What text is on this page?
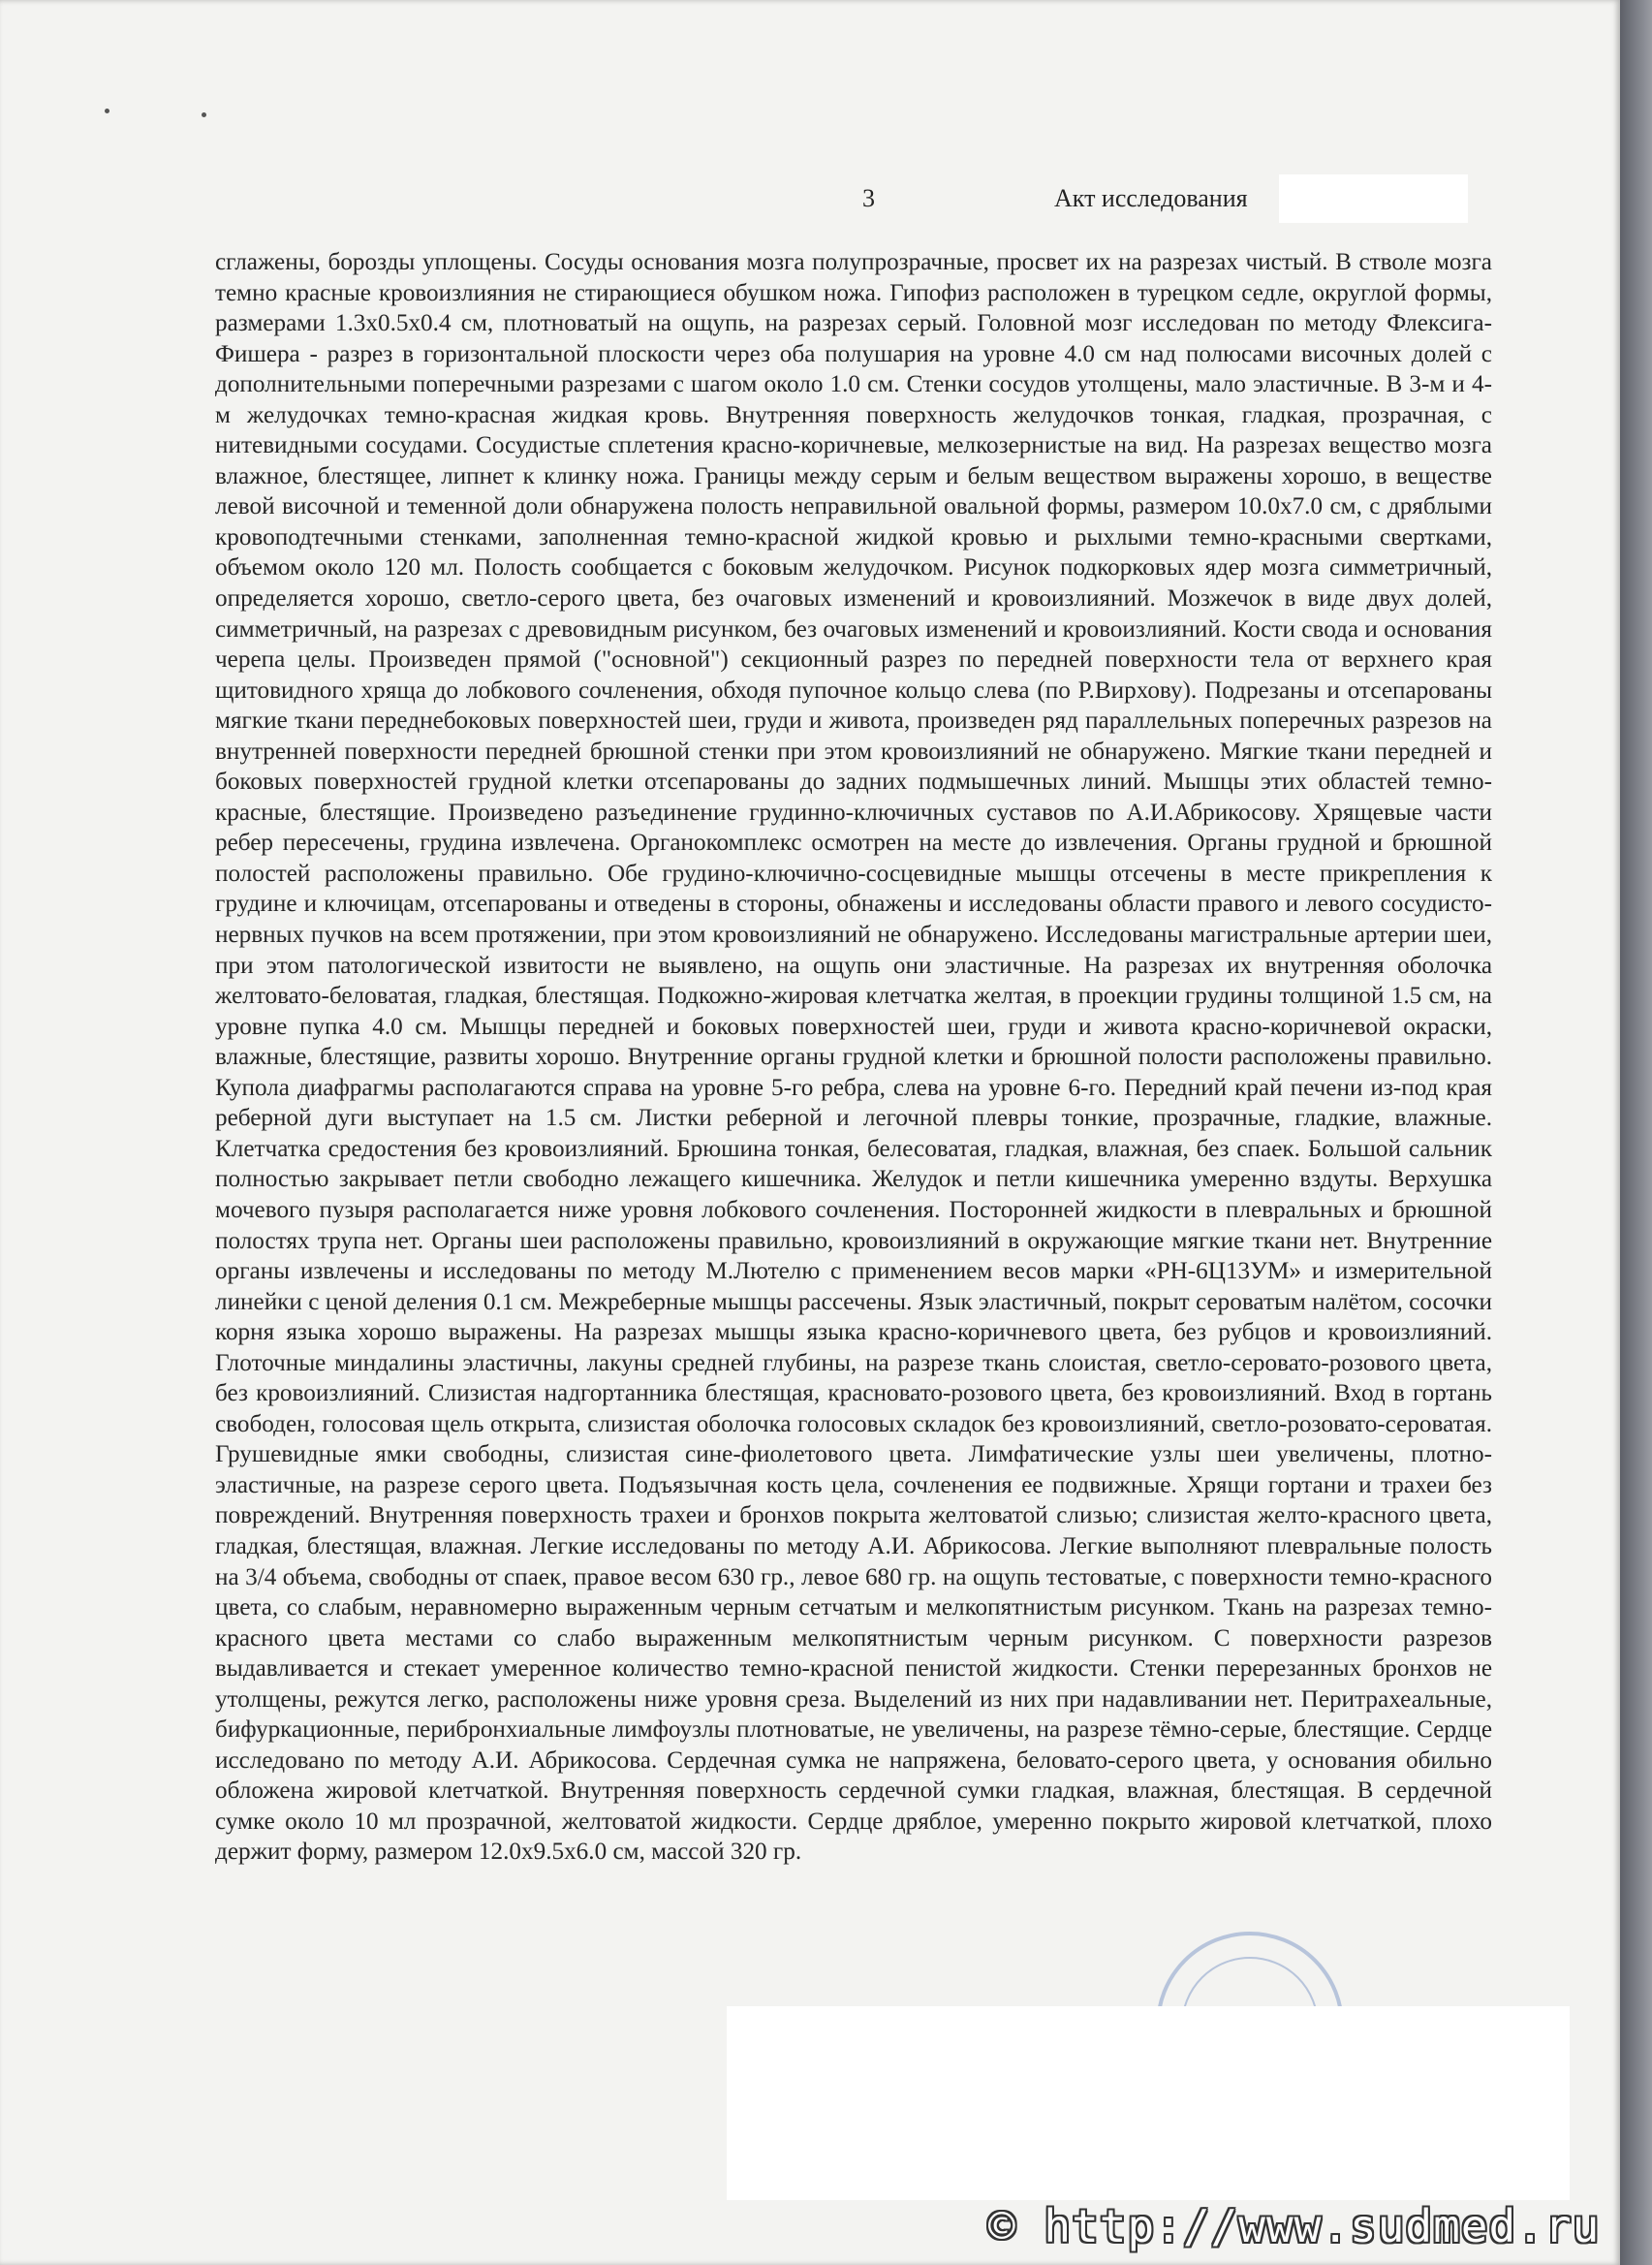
3	Акт исследования

сглажены, борозды уплощены. Сосуды основания мозга полупрозрачные, просвет их на разрезах чистый. В стволе мозга темно красные кровоизлияния не стирающиеся обушком ножа. Гипофиз расположен в турецком седле, округлой формы, размерами 1.3х0.5х0.4 см, плотноватый на ощупь, на разрезах серый. Головной мозг исследован по методу Флексига-Фишера - разрез в горизонтальной плоскости через оба полушария на уровне 4.0 см над полюсами височных долей с дополнительными поперечными разрезами с шагом около 1.0 см. Стенки сосудов утолщены, мало эластичные. В 3-м и 4-м желудочках темно-красная жидкая кровь. Внутренняя поверхность желудочков тонкая, гладкая, прозрачная, с нитевидными сосудами. Сосудистые сплетения красно-коричневые, мелкозернистые на вид. На разрезах вещество мозга влажное, блестящее, липнет к клинку ножа. Границы между серым и белым веществом выражены хорошо, в веществе левой височной и теменной доли обнаружена полость неправильной овальной формы, размером 10.0х7.0 см, с дряблыми кровоподтечными стенками, заполненная темно-красной жидкой кровью и рыхлыми темно-красными свертками, объемом около 120 мл. Полость сообщается с боковым желудочком. Рисунок подкорковых ядер мозга симметричный, определяется хорошо, светло-серого цвета, без очаговых изменений и кровоизлияний. Мозжечок в виде двух долей, симметричный, на разрезах с древовидным рисунком, без очаговых изменений и кровоизлияний. Кости свода и основания черепа целы. Произведен прямой ("основной") секционный разрез по передней поверхности тела от верхнего края щитовидного хряща до лобкового сочленения, обходя пупочное кольцо слева (по Р.Вирхову). Подрезаны и отсепарованы мягкие ткани переднебоковых поверхностей шеи, груди и живота, произведен ряд параллельных поперечных разрезов на внутренней поверхности передней брюшной стенки при этом кровоизлияний не обнаружено. Мягкие ткани передней и боковых поверхностей грудной клетки отсепарованы до задних подмышечных линий. Мышцы этих областей темно-красные, блестящие. Произведено разъединение грудинно-ключичных суставов по А.И.Абрикосову. Хрящевые части ребер пересечены, грудина извлечена. Органокомплекс осмотрен на месте до извлечения. Органы грудной и брюшной полостей расположены правильно. Обе грудино-ключично-сосцевидные мышцы отсечены в месте прикрепления к грудине и ключицам, отсепарованы и отведены в стороны, обнажены и исследованы области правого и левого сосудисто-нервных пучков на всем протяжении, при этом кровоизлияний не обнаружено. Исследованы магистральные артерии шеи, при этом патологической извитости не выявлено, на ощупь они эластичные. На разрезах их внутренняя оболочка желтовато-беловатая, гладкая, блестящая. Подкожно-жировая клетчатка желтая, в проекции грудины толщиной 1.5 см, на уровне пупка 4.0 см. Мышцы передней и боковых поверхностей шеи, груди и живота красно-коричневой окраски, влажные, блестящие, развиты хорошо. Внутренние органы грудной клетки и брюшной полости расположены правильно. Купола диафрагмы располагаются справа на уровне 5-го ребра, слева на уровне 6-го. Передний край печени из-под края реберной дуги выступает на 1.5 см. Листки реберной и легочной плевры тонкие, прозрачные, гладкие, влажные. Клетчатка средостения без кровоизлияний. Брюшина тонкая, белесоватая, гладкая, влажная, без спаек. Большой сальник полностью закрывает петли свободно лежащего кишечника. Желудок и петли кишечника умеренно вздуты. Верхушка мочевого пузыря располагается ниже уровня лобкового сочленения. Посторонней жидкости в плевральных и брюшной полостях трупа нет. Органы шеи расположены правильно, кровоизлияний в окружающие мягкие ткани нет. Внутренние органы извлечены и исследованы по методу М.Лютелю с применением весов марки «РН-6Ц13УМ» и измерительной линейки с ценой деления 0.1 см. Межреберные мышцы рассечены. Язык эластичный, покрыт сероватым налётом, сосочки корня языка хорошо выражены. На разрезах мышцы языка красно-коричневого цвета, без рубцов и кровоизлияний. Глоточные миндалины эластичны, лакуны средней глубины, на разрезе ткань слоистая, светло-серовато-розового цвета, без кровоизлияний. Слизистая надгортанника блестящая, красновато-розового цвета, без кровоизлияний. Вход в гортань свободен, голосовая щель открыта, слизистая оболочка голосовых складок без кровоизлияний, светло-розовато-сероватая. Грушевидные ямки свободны, слизистая сине-фиолетового цвета. Лимфатические узлы шеи увеличены, плотно-эластичные, на разрезе серого цвета. Подъязычная кость цела, сочленения ее подвижные. Хрящи гортани и трахеи без повреждений. Внутренняя поверхность трахеи и бронхов покрыта желтоватой слизью; слизистая желто-красного цвета, гладкая, блестящая, влажная. Легкие исследованы по методу А.И. Абрикосова. Легкие выполняют плевральные полость на 3/4 объема, свободны от спаек, правое весом 630 гр., левое 680 гр. на ощупь тестоватые, с поверхности темно-красного цвета, со слабым, неравномерно выраженным черным сетчатым и мелкопятнистым рисунком. Ткань на разрезах темно-красного цвета местами со слабо выраженным мелкопятнистым черным рисунком. С поверхности разрезов выдавливается и стекает умеренное количество темно-красной пенистой жидкости. Стенки перерезанных бронхов не утолщены, режутся легко, расположены ниже уровня среза. Выделений из них при надавливании нет. Перитрахеальные, бифуркационные, перибронхиальные лимфоузлы плотноватые, не увеличены, на разрезе тёмно-серые, блестящие. Сердце исследовано по методу А.И. Абрикосова. Сердечная сумка не напряжена, беловато-серого цвета, у основания обильно обложена жировой клетчаткой. Внутренняя поверхность сердечной сумки гладкая, влажная, блестящая. В сердечной сумке около 10 мл прозрачной, желтоватой жидкости. Сердце дряблое, умеренно покрыто жировой клетчаткой, плохо держит форму, размером 12.0х9.5х6.0 см, массой 320 гр.

© http://www.sudmed.ru
